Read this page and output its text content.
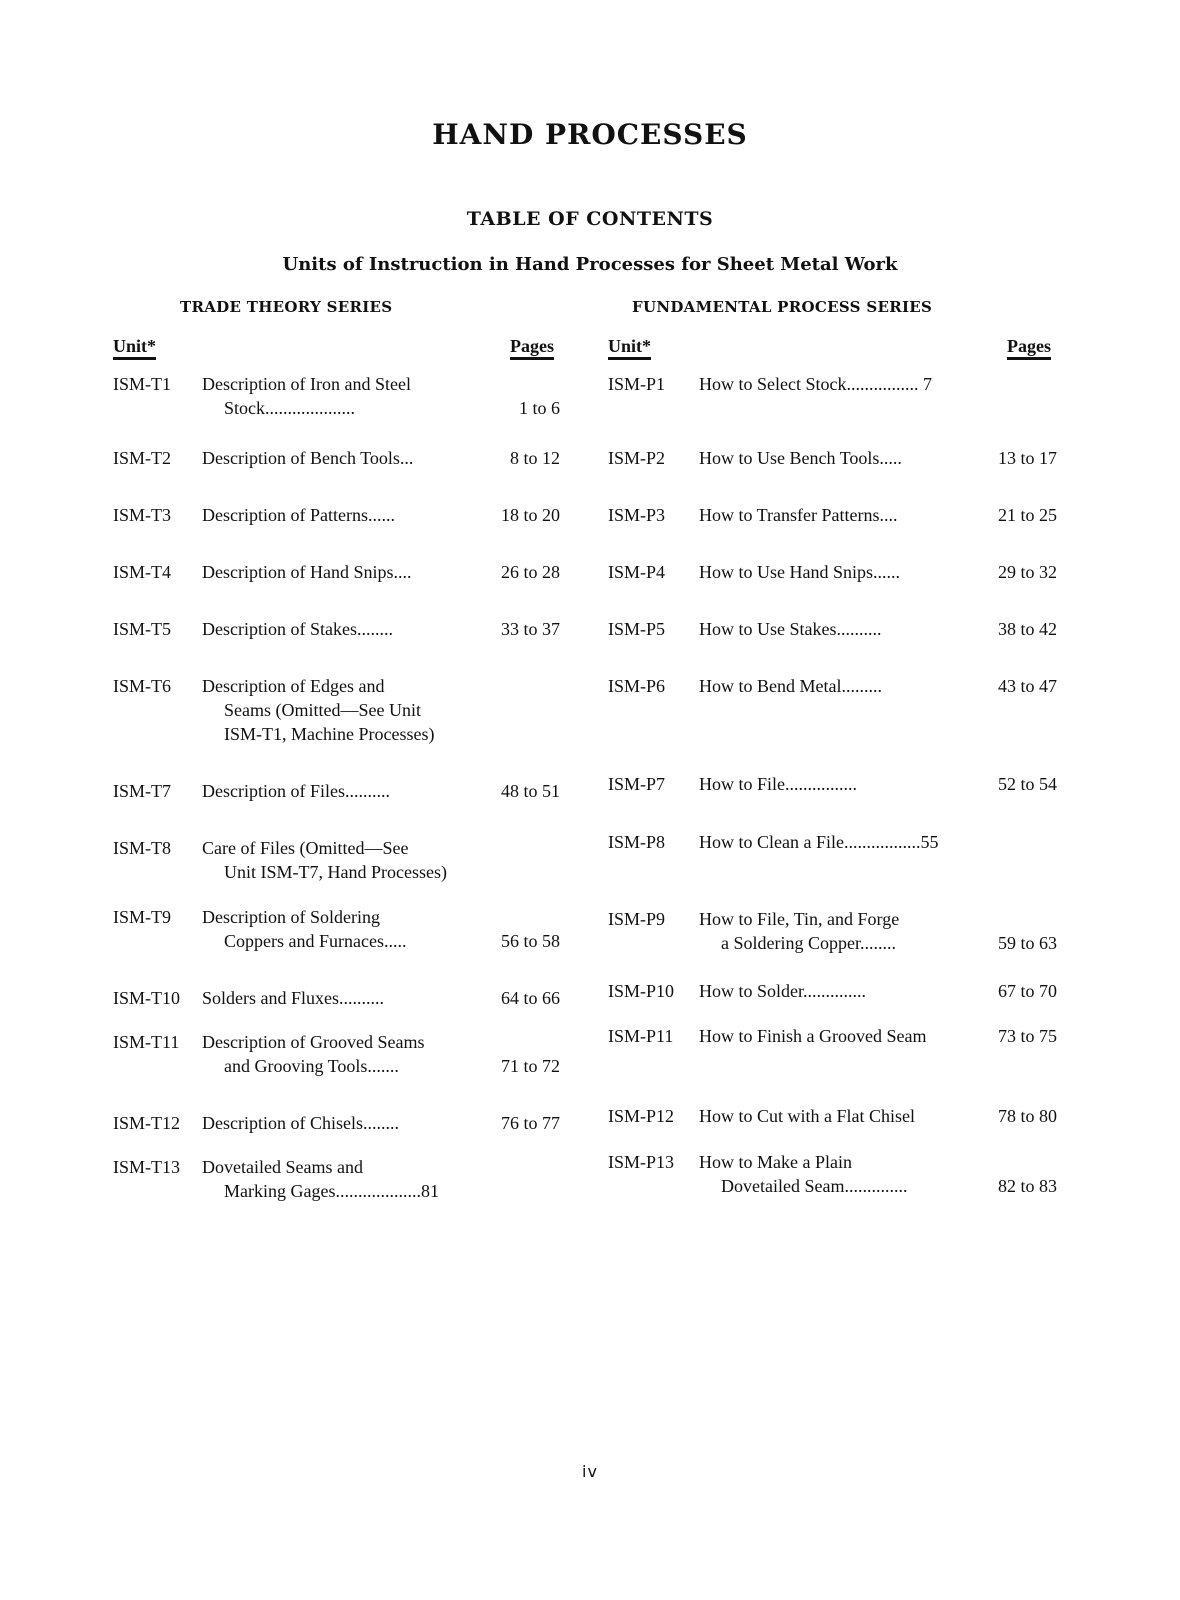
HAND PROCESSES
TABLE OF CONTENTS
Units of Instruction in Hand Processes for Sheet Metal Work
TRADE THEORY SERIES
Unit*	Pages
FUNDAMENTAL PROCESS SERIES
Unit*	Pages
ISM-T1 Description of Iron and Steel
Stock....................	1 to 6
ISM-T2 Description of Bench Tools...	8 to 12
ISM-T3 Description of Patterns......	18 to 20
ISM-T4 Description of Hand Snips....	26 to 28
ISM-T5 Description of Stakes........	33 to 37
ISM-T6 Description of Edges and
Seams (Omitted—See Unit
ISM-T1, Machine Processes)
ISM-T7 Description of Files..........	48 to 51
ISM-T8 Care of Files (Omitted—See
Unit ISM-T7, Hand Processes)
ISM-T9 Description of Soldering
Coppers and Furnaces.....	56 to 58
ISM-T10 Solders and Fluxes..........	64 to 66
ISM-T11 Description of Grooved Seams
and Grooving Tools.......	71 to 72
ISM-T12 Description of Chisels........	76 to 77
ISM-T13 Dovetailed Seams and
Marking Gages...................81
ISM-P1 How to Select Stock................ 7
ISM-P2 How to Use Bench Tools.....	13 to 17
ISM-P3 How to Transfer Patterns....	21 to 25
ISM-P4 How to Use Hand Snips......	29 to 32
ISM-P5 How to Use Stakes..........	38 to 42
ISM-P6 How to Bend Metal.........	43 to 47
ISM-P7 How to File................	52 to 54
ISM-P8 How to Clean a File.................55
ISM-P9 How to File, Tin, and Forge
a Soldering Copper........	59 to 63
ISM-P10 How to Solder..............	67 to 70
ISM-P11 How to Finish a Grooved Seam	73 to 75
ISM-P12 How to Cut with a Flat Chisel	78 to 80
ISM-P13 How to Make a Plain
Dovetailed Seam..............	82 to 83
iv
